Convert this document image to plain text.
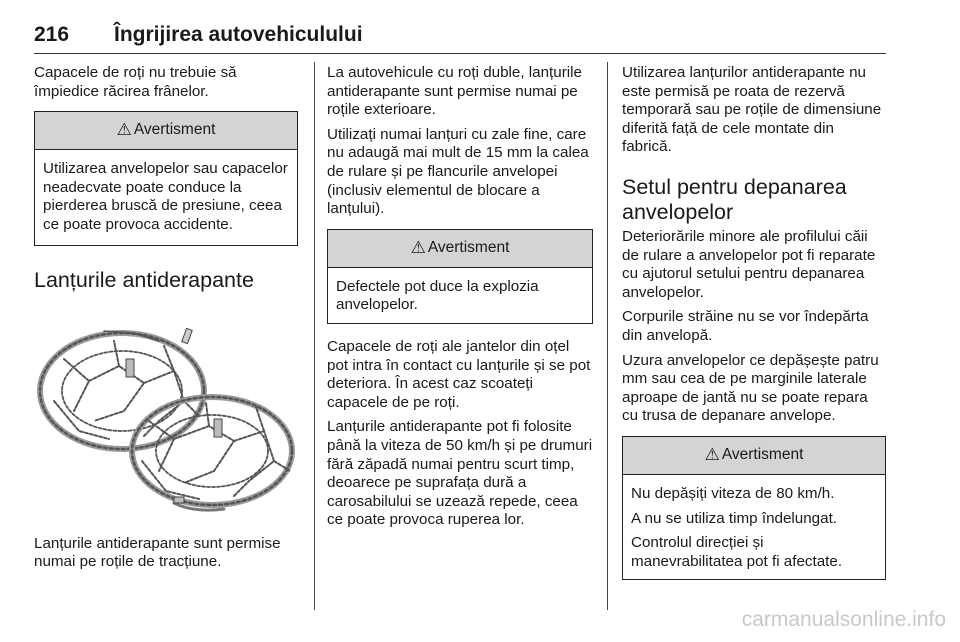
216 Îngrijirea autovehiculului

Capacele de roți nu trebuie să împiedice răcirea frânelor.

⚠ Avertisment

Utilizarea anvelopelor sau capacelor neadecvate poate conduce la pierderea bruscă de presiune, ceea ce poate provoca accidente.

Lanțurile antiderapante

Lanțurile antiderapante sunt permise numai pe roțile de tracțiune.

La autovehicule cu roți duble, lanțurile antiderapante sunt permise numai pe roțile exterioare.

Utilizați numai lanțuri cu zale fine, care nu adaugă mai mult de 15 mm la calea de rulare și pe flancurile anvelopei (inclusiv elementul de blocare a lanțului).

⚠ Avertisment

Defectele pot duce la explozia anvelopelor.

Capacele de roți ale jantelor din oțel pot intra în contact cu lanțurile și se pot deteriora. În acest caz scoateți capacele de pe roți.

Lanțurile antiderapante pot fi folosite până la viteza de 50 km/h și pe drumuri fără zăpadă numai pentru scurt timp, deoarece pe suprafața dură a carosabilului se uzează repede, ceea ce poate provoca ruperea lor.

Utilizarea lanțurilor antiderapante nu este permisă pe roata de rezervă temporară sau pe roțile de dimensiune diferită față de cele montate din fabrică.

Setul pentru depanarea anvelopelor

Deteriorările minore ale profilului căii de rulare a anvelopelor pot fi reparate cu ajutorul setului pentru depanarea anvelopelor.

Corpurile străine nu se vor îndepărta din anvelopă.

Uzura anvelopelor ce depășește patru mm sau cea de pe marginile laterale aproape de jantă nu se poate repara cu trusa de depanare anvelope.

⚠ Avertisment

Nu depășiți viteza de 80 km/h.

A nu se utiliza timp îndelungat.

Controlul direcției și manevrabilitatea pot fi afectate.

carmanualsonline.info
